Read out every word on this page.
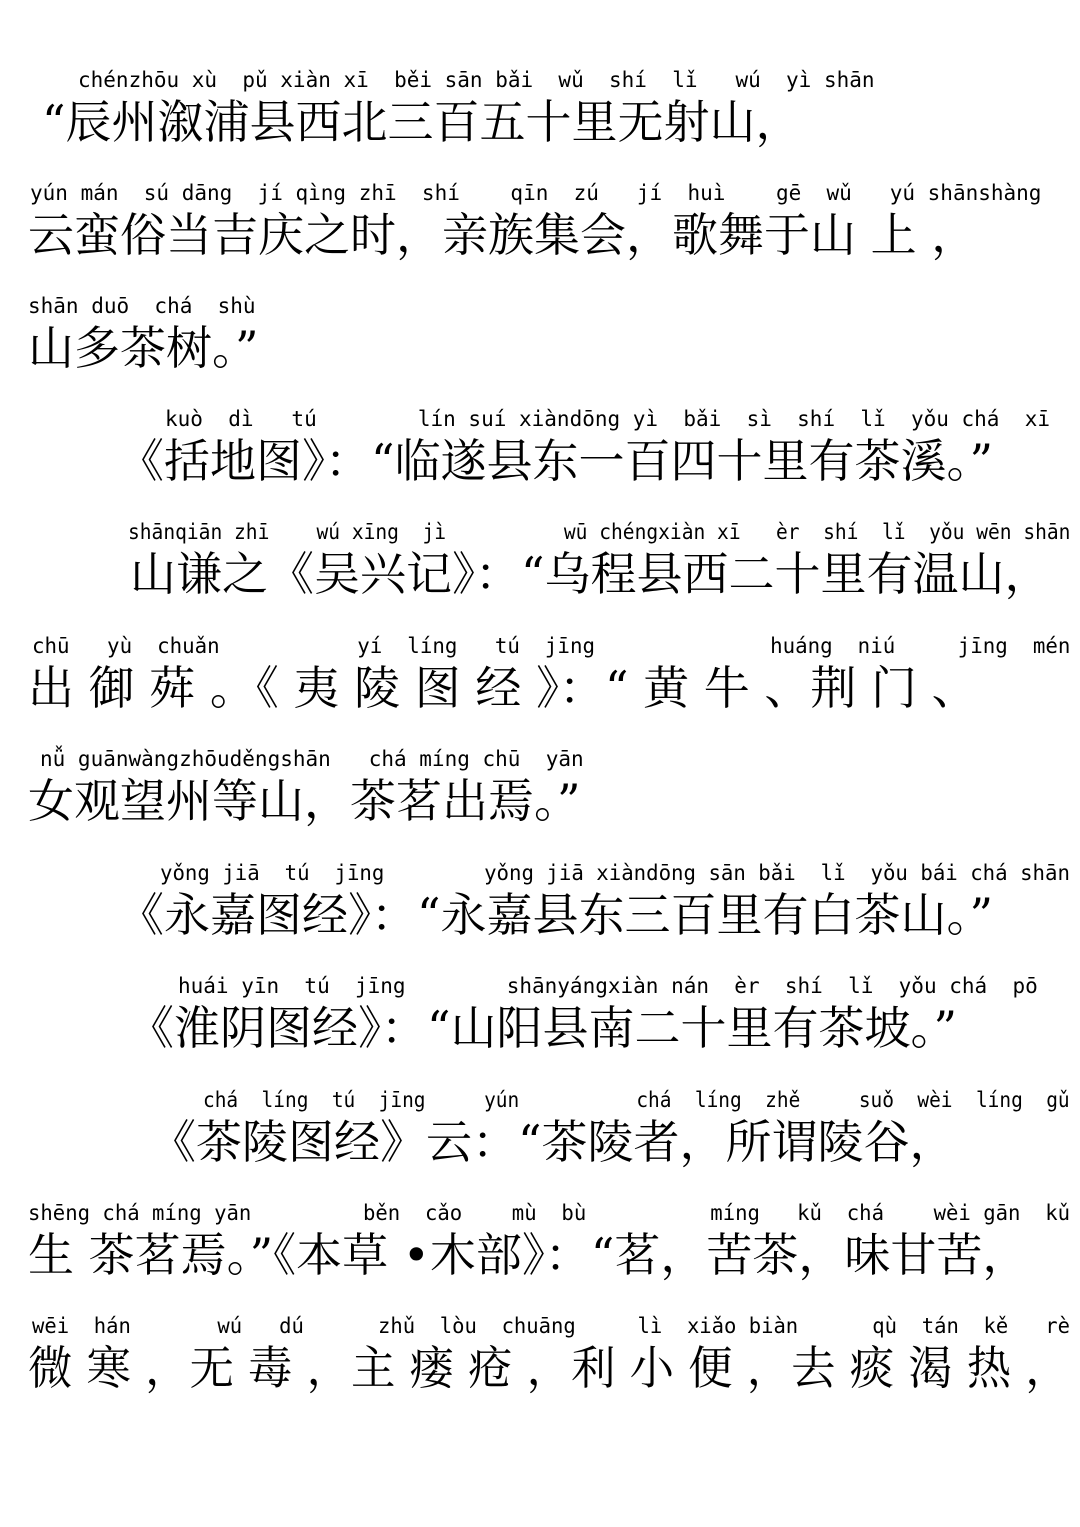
chénzhōu xù  pǔ xiàn xī  běi sān bǎi  wǔ  shí  lǐ   wú  yì shān
“辰州溆浦县西北三百五十里无射山，
yún mán  sú dāng  jí qìng zhī  shí    qīn  zú   jí  huì    gē  wǔ   yú shānshàng
云蛮俗当吉庆之时，亲族集会，歌舞于山 上 ，
shān duō  chá  shù
山多茶树。”
kuò  dì   tú        lín suí xiàndōng yì  bǎi  sì  shí  lǐ  yǒu chá  xī
《括地图》：“临遂县东一百四十里有茶溪。”
shānqiān zhī    wú xīng  jì          wū chéngxiàn xī   èr  shí  lǐ  yǒu wēn shān
山谦之《吴兴记》：“乌程县西二十里有温山，
chū   yù  chuǎn           yí  líng   tú  jīng              huáng  niú     jīng  mén
出 御 荈 。《 夷 陵 图 经 》：“ 黄 牛 、荆 门 、
nǚ guānwàngzhōuděngshān   chá míng chū  yān
女观望州等山，茶茗出焉。”
yǒng jiā  tú  jīng        yǒng jiā xiàndōng sān bǎi  lǐ  yǒu bái chá shān
《永嘉图经》：“永嘉县东三百里有白茶山。”
huái yīn  tú  jīng        shānyángxiàn nán  èr  shí  lǐ  yǒu chá  pō
《淮阴图经》：“山阳县南二十里有茶坡。”
chá  líng  tú  jīng     yún          chá  líng  zhě     suǒ  wèi  líng  gǔ
《茶陵图经》云：“茶陵者，所谓陵谷，
shēng chá míng yān         běn  cǎo    mù  bù          míng   kǔ  chá    wèi gān  kǔ
生 茶茗焉。”《本草 •木部》：“茗，苦茶，味甘苦，
wēi  hán       wú   dú      zhǔ  lòu  chuāng     lì  xiǎo biàn      qù  tán  kě   rè
微 寒 ，无 毒 ，主 瘘 疮 ，利 小 便 ，去 痰 渴 热 ，
